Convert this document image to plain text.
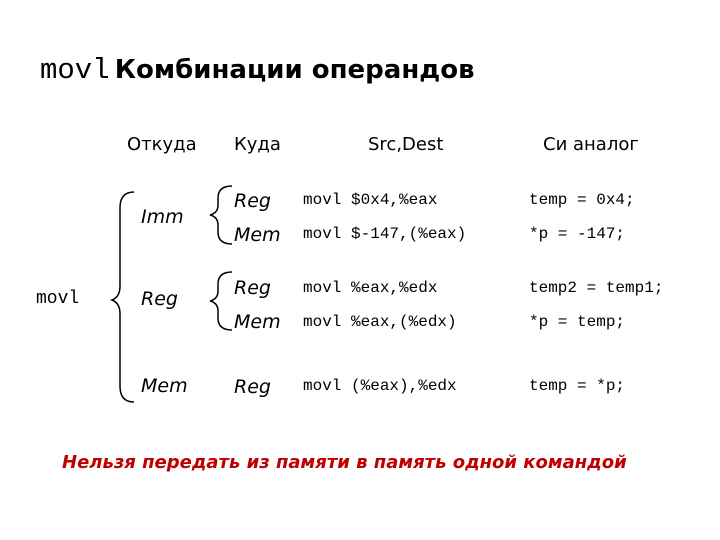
movl Комбинации операндов
Откуда Куда	Src,Dest	Си аналог
movl
Imm
Reg
Mem
Reg
Mem
Reg
Mem
Reg
movl $0x4,%eax
movl $-147,(%eax)
movl %eax,%edx
movl %eax,(%edx)
movl (%eax),%edx
temp = 0x4;
*p = -147;
temp2 = temp1;
*p = temp;
temp = *p;
Нельзя передать из памяти в память одной командой
